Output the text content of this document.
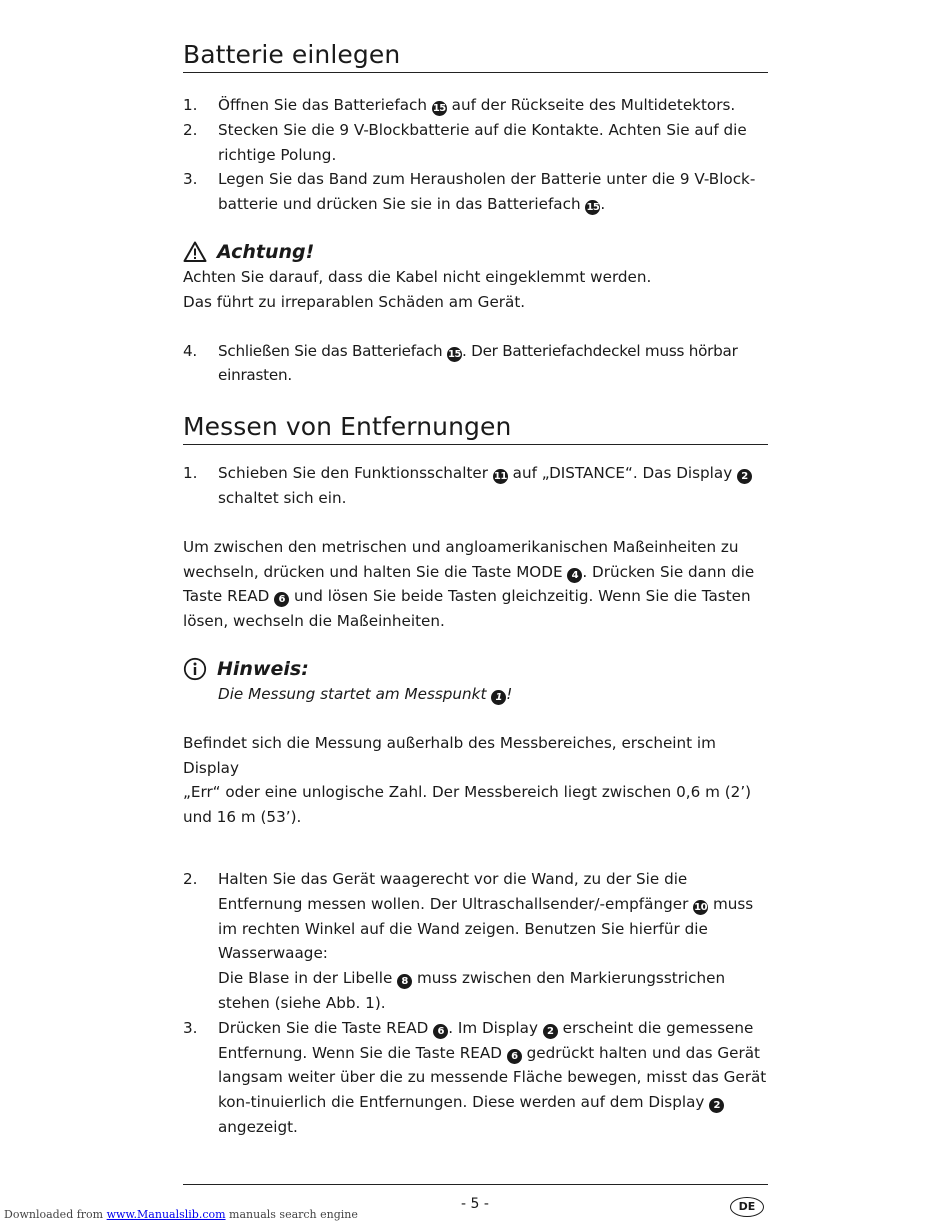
Batterie einlegen
1. Öffnen Sie das Batteriefach 15 auf der Rückseite des Multidetektors.
2. Stecken Sie die 9 V-Blockbatterie auf die Kontakte. Achten Sie auf die richtige Polung.
3. Legen Sie das Band zum Herausholen der Batterie unter die 9 V-Block-batterie und drücken Sie sie in das Batteriefach 15.
Achtung!
Achten Sie darauf, dass die Kabel nicht eingeklemmt werden.
Das führt zu irreparablen Schäden am Gerät.
4. Schließen Sie das Batteriefach 15. Der Batteriefachdeckel muss hörbar einrasten.
Messen von Entfernungen
1. Schieben Sie den Funktionsschalter 11 auf „DISTANCE“. Das Display 2 schaltet sich ein.

Um zwischen den metrischen und angloamerikanischen Maßeinheiten zu wechseln, drücken und halten Sie die Taste MODE 4 . Drücken Sie dann die Taste READ 6 und lösen Sie beide Tasten gleichzeitig. Wenn Sie die Tasten lösen, wechseln die Maßeinheiten.

Hinweis:
Die Messung startet am Messpunkt 1 !
Befindet sich die Messung außerhalb des Messbereiches, erscheint im Display
„Err“ oder eine unlogische Zahl. Der Messbereich liegt zwischen 0,6 m (2’)
und 16 m (53’).
2. Halten Sie das Gerät waagerecht vor die Wand, zu der Sie die Entfernung messen wollen. Der Ultraschallsender/-empfänger 10 muss im rechten Winkel auf die Wand zeigen. Benutzen Sie hierfür die Wasserwaage:
Die Blase in der Libelle 8 muss zwischen den Markierungsstrichen stehen (siehe Abb. 1).
3. Drücken Sie die Taste READ 6 . Im Display 2 erscheint die gemessene Entfernung. Wenn Sie die Taste READ 6 gedrückt halten und das Gerät langsam weiter über die zu messende Fläche bewegen, misst das Gerät kon-tinuierlich die Entfernungen. Diese werden auf dem Display 2 angezeigt.
- 5 -	DE
Downloaded from www.Manualslib.com manuals search engine
